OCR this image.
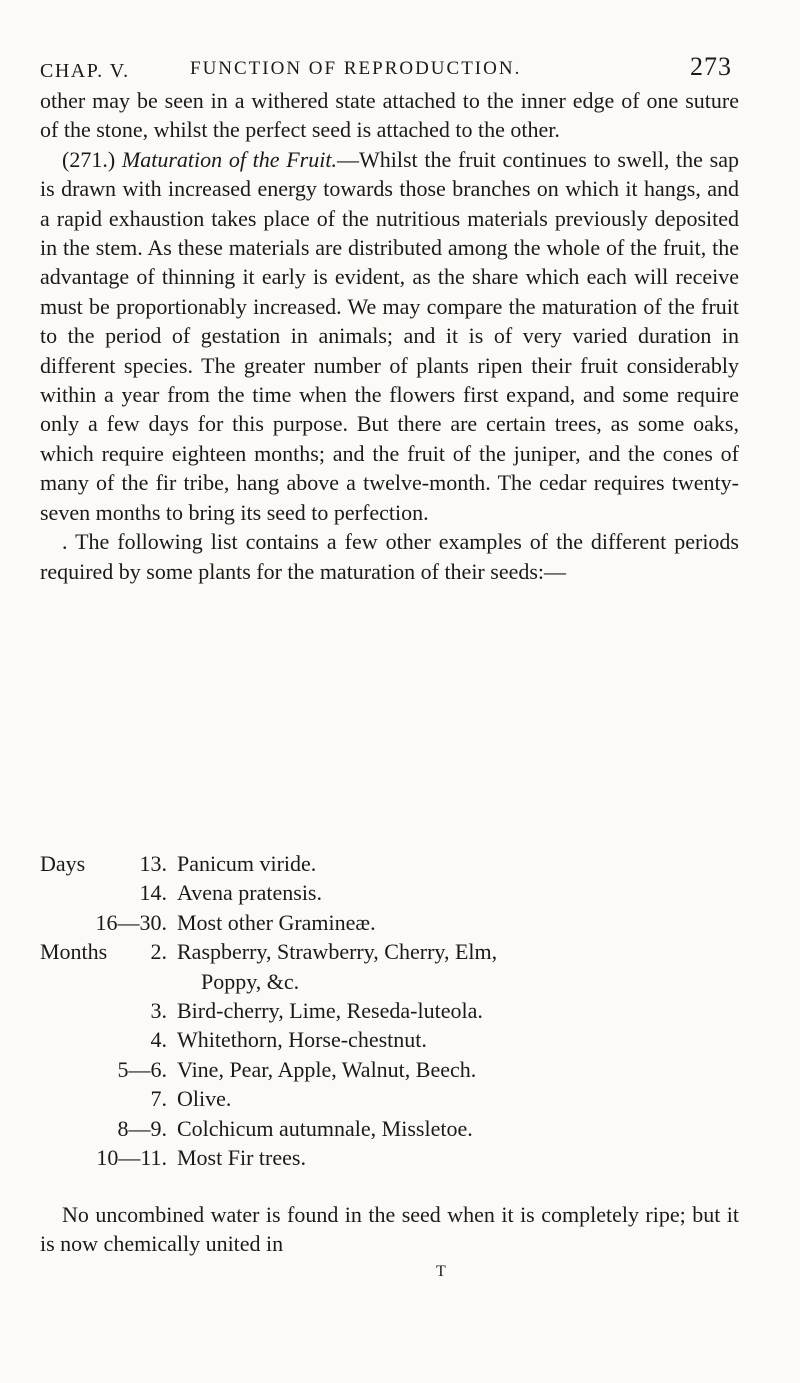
CHAP. V.	FUNCTION OF REPRODUCTION.	273

other may be seen in a withered state attached to the inner edge of one suture of the stone, whilst the perfect seed is attached to the other.

(271.) Maturation of the Fruit.—Whilst the fruit continues to swell, the sap is drawn with increased energy towards those branches on which it hangs, and a rapid exhaustion takes place of the nutritious materials previously deposited in the stem. As these materials are distributed among the whole of the fruit, the advantage of thinning it early is evident, as the share which each will receive must be proportionably increased. We may compare the maturation of the fruit to the period of gestation in animals; and it is of very varied duration in different species. The greater number of plants ripen their fruit considerably within a year from the time when the flowers first expand, and some require only a few days for this purpose. But there are certain trees, as some oaks, which require eighteen months; and the fruit of the juniper, and the cones of many of the fir tribe, hang above a twelve-month. The cedar requires twenty-seven months to bring its seed to perfection.

. The following list contains a few other examples of the different periods required by some plants for the maturation of their seeds:—

Days	13. Panicum viride.
14. Avena pratensis.
16—30. Most other Gramineæ.
Months	2. Raspberry, Strawberry, Cherry, Elm,
Poppy, &c.
3. Bird-cherry, Lime, Reseda-luteola.
4. Whitethorn, Horse-chestnut.
5—6. Vine, Pear, Apple, Walnut, Beech.
7. Olive.
8—9. Colchicum autumnale, Missletoe.
10—11. Most Fir trees.

No uncombined water is found in the seed when it is completely ripe; but it is now chemically united in

T
